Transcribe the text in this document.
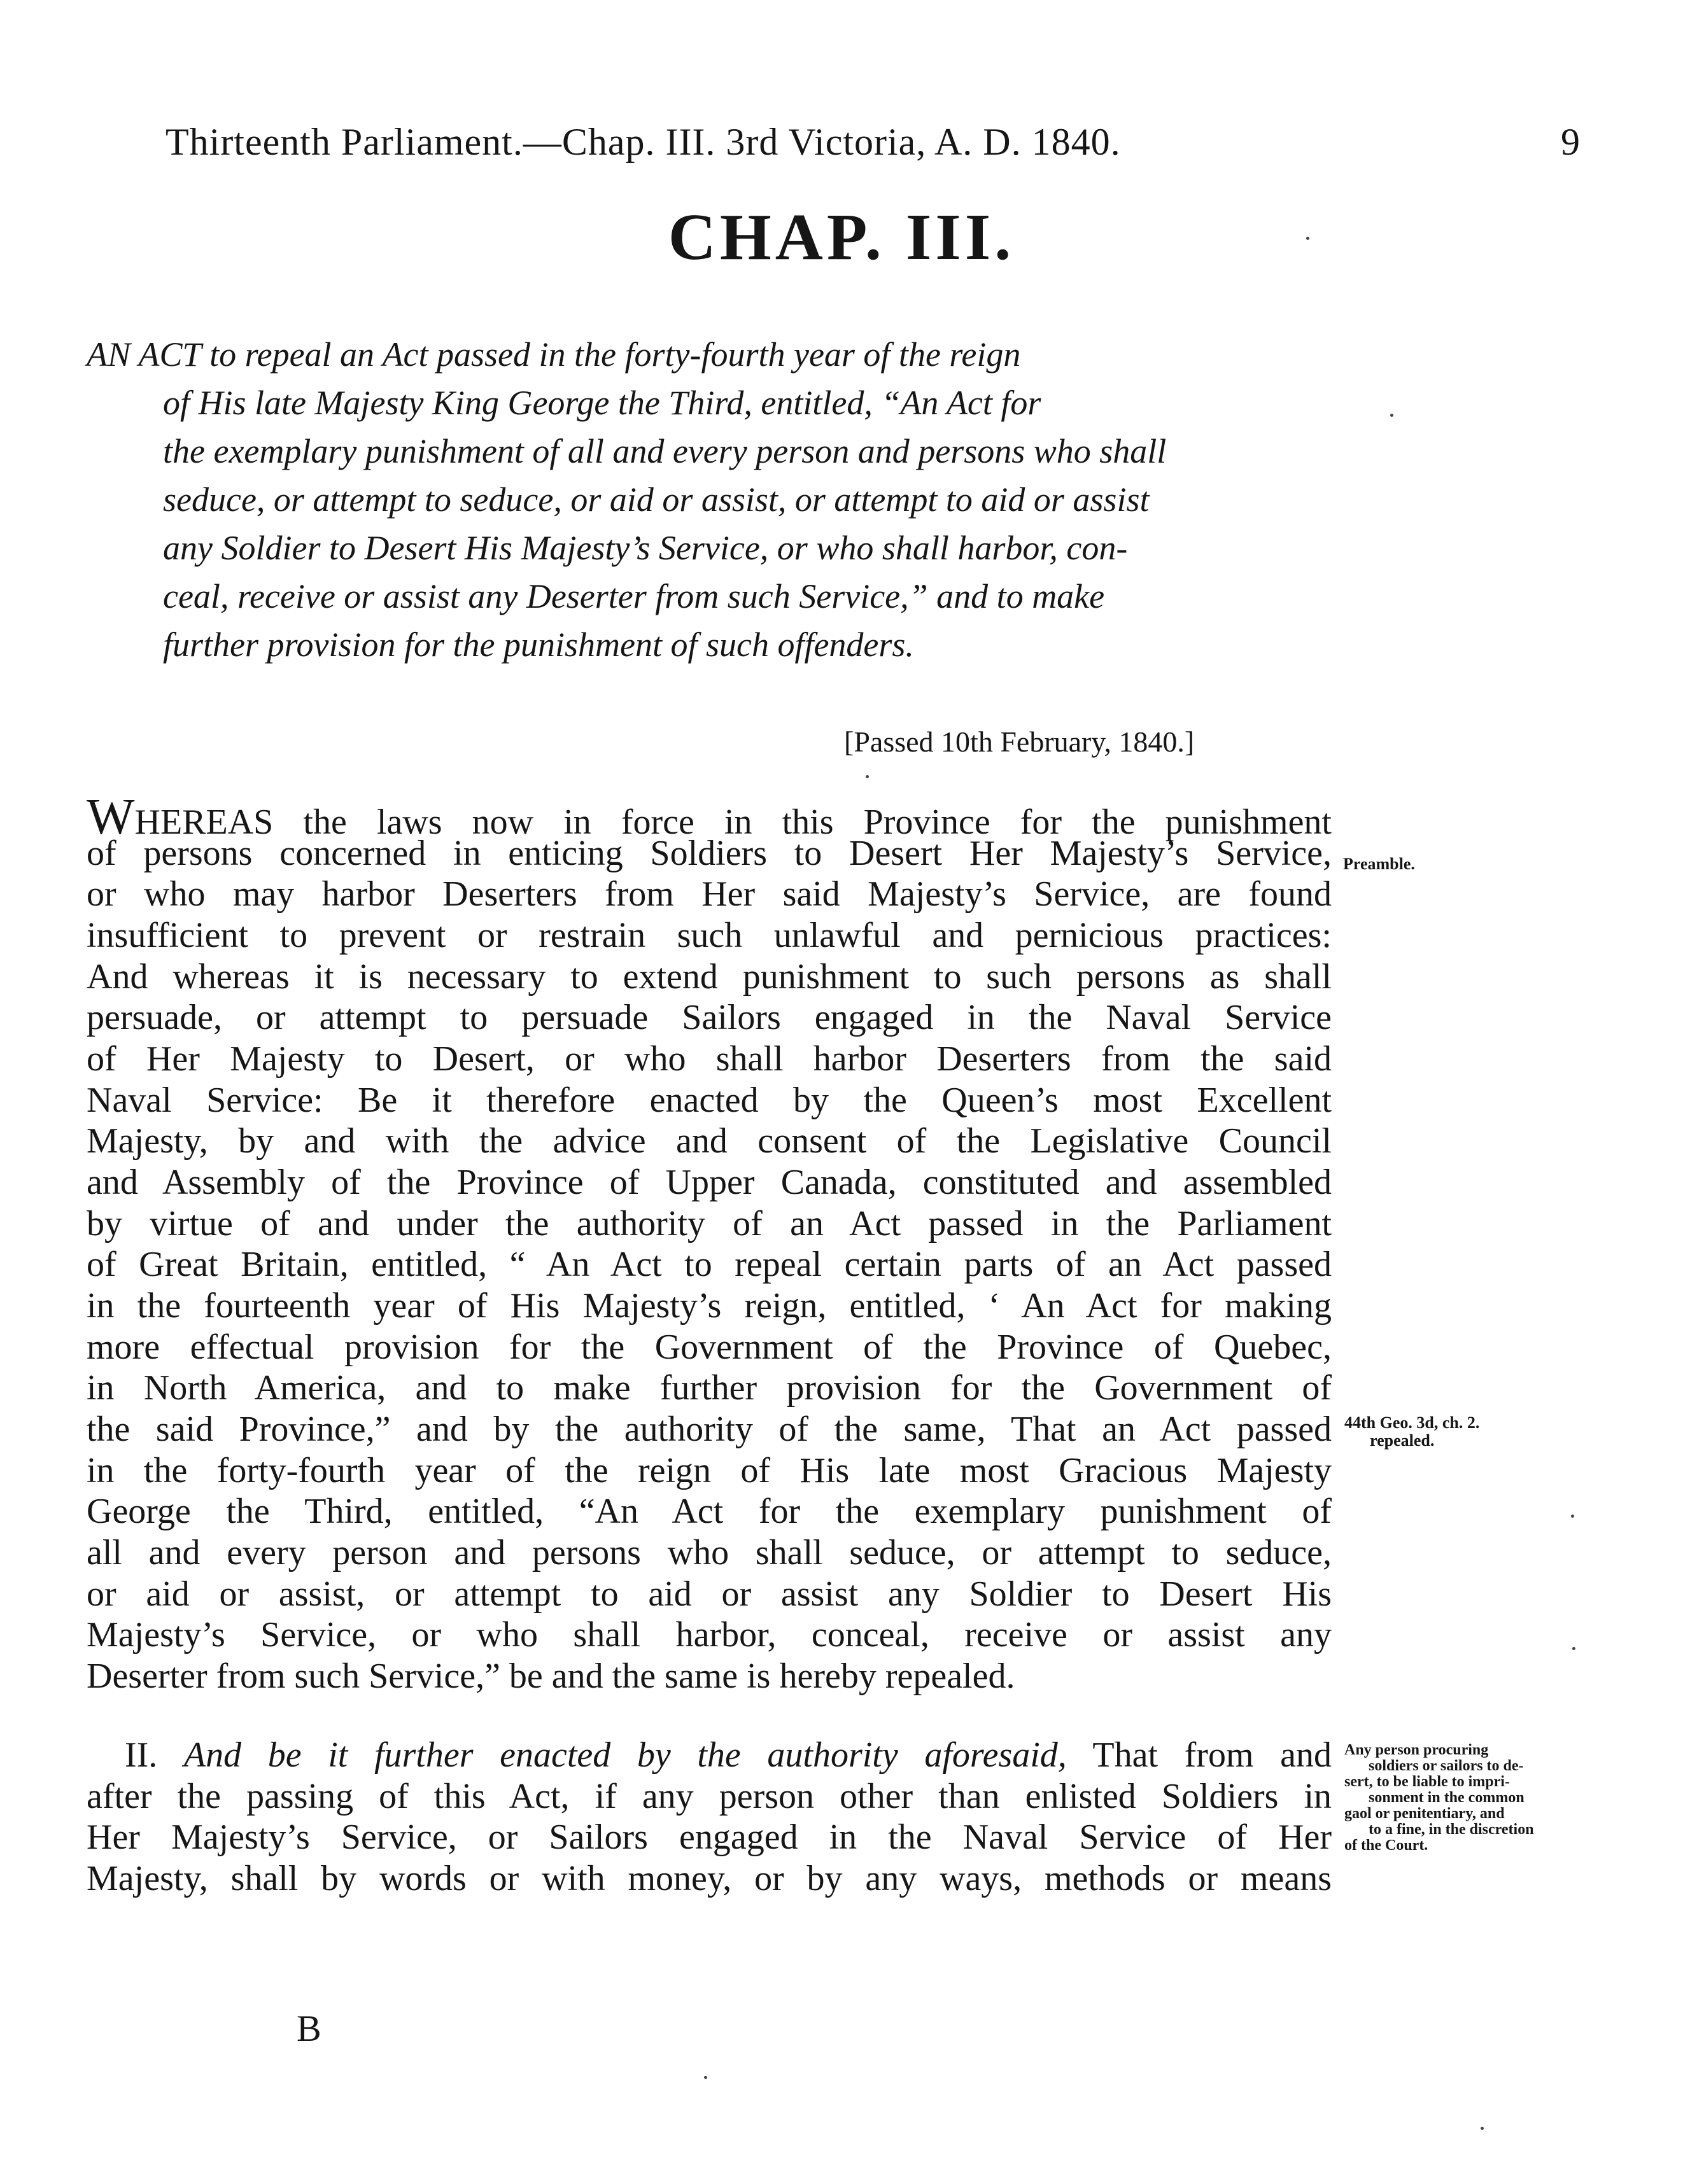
Thirteenth Parliament.—Chap. III. 3rd Victoria, A. D. 1840.	9
CHAP. III.
AN ACT to repeal an Act passed in the forty-fourth year of the reign
of His late Majesty King George the Third, entitled, “An Act for
the exemplary punishment of all and every person and persons who shall
seduce, or attempt to seduce, or aid or assist, or attempt to aid or assist
any Soldier to Desert His Majesty’s Service, or who shall harbor, con-
ceal, receive or assist any Deserter from such Service,” and to make
further provision for the punishment of such offenders.
[Passed 10th February, 1840.]
WHEREAS the laws now in force in this Province for the punishment
of persons concerned in enticing Soldiers to Desert Her Majesty’s Service,
or who may harbor Deserters from Her said Majesty’s Service, are found
insufficient to prevent or restrain such unlawful and pernicious practices:
And whereas it is necessary to extend punishment to such persons as shall
persuade, or attempt to persuade Sailors engaged in the Naval Service
of Her Majesty to Desert, or who shall harbor Deserters from the said
Naval Service: Be it therefore enacted by the Queen’s most Excellent
Majesty, by and with the advice and consent of the Legislative Council
and Assembly of the Province of Upper Canada, constituted and assembled
by virtue of and under the authority of an Act passed in the Parliament
of Great Britain, entitled, “ An Act to repeal certain parts of an Act passed
in the fourteenth year of His Majesty’s reign, entitled, ‘ An Act for making
more effectual provision for the Government of the Province of Quebec,
in North America, and to make further provision for the Government of
the said Province,” and by the authority of the same, That an Act passed
in the forty-fourth year of the reign of His late most Gracious Majesty
George the Third, entitled, “An Act for the exemplary punishment of
all and every person and persons who shall seduce, or attempt to seduce,
or aid or assist, or attempt to aid or assist any Soldier to Desert His
Majesty’s Service, or who shall harbor, conceal, receive or assist any
Deserter from such Service,” be and the same is hereby repealed.
II. And be it further enacted by the authority aforesaid, That from and
after the passing of this Act, if any person other than enlisted Soldiers in
Her Majesty’s Service, or Sailors engaged in the Naval Service of Her
Majesty, shall by words or with money, or by any ways, methods or means
Preamble.
44th Geo. 3d, ch. 2.
repealed.
Any person procuring
soldiers or sailors to de-
sert, to be liable to impri-
sonment in the common
gaol or penitentiary, and
to a fine, in the discretion
of the Court.
B
